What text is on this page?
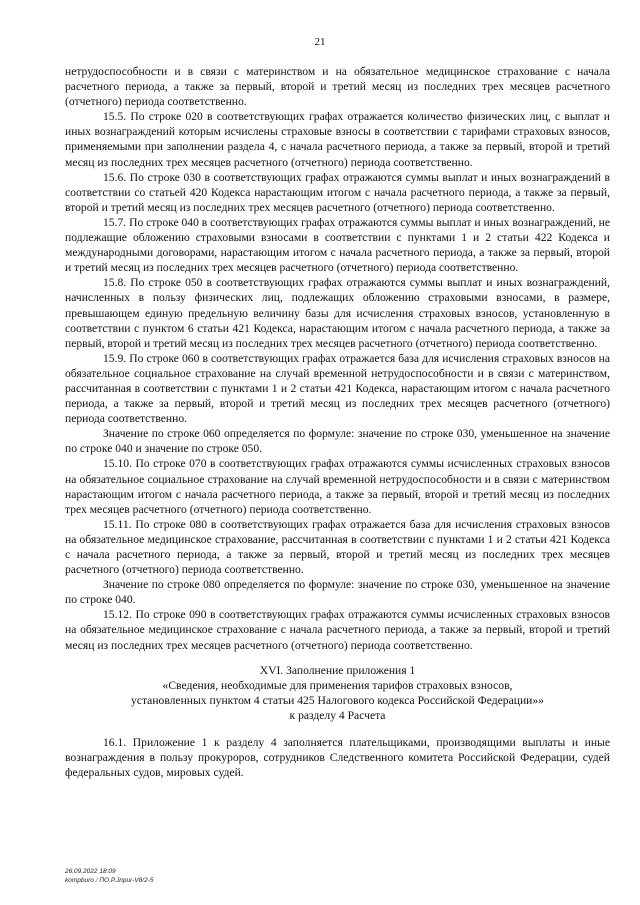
21

нетрудоспособности и в связи с материнством и на обязательное медицинское страхование с начала расчетного периода, а также за первый, второй и третий месяц из последних трех месяцев расчетного (отчетного) периода соответственно.

15.5. По строке 020 в соответствующих графах отражается количество физических лиц, с выплат и иных вознаграждений которым исчислены страховые взносы в соответствии с тарифами страховых взносов, применяемыми при заполнении раздела 4, с начала расчетного периода, а также за первый, второй и третий месяц из последних трех месяцев расчетного (отчетного) периода соответственно.

15.6. По строке 030 в соответствующих графах отражаются суммы выплат и иных вознаграждений в соответствии со статьей 420 Кодекса нарастающим итогом с начала расчетного периода, а также за первый, второй и третий месяц из последних трех месяцев расчетного (отчетного) периода соответственно.

15.7. По строке 040 в соответствующих графах отражаются суммы выплат и иных вознаграждений, не подлежащие обложению страховыми взносами в соответствии с пунктами 1 и 2 статьи 422 Кодекса и международными договорами, нарастающим итогом с начала расчетного периода, а также за первый, второй и третий месяц из последних трех месяцев расчетного (отчетного) периода соответственно.

15.8. По строке 050 в соответствующих графах отражаются суммы выплат и иных вознаграждений, начисленных в пользу физических лиц, подлежащих обложению страховыми взносами, в размере, превышающем единую предельную величину базы для исчисления страховых взносов, установленную в соответствии с пунктом 6 статьи 421 Кодекса, нарастающим итогом с начала расчетного периода, а также за первый, второй и третий месяц из последних трех месяцев расчетного (отчетного) периода соответственно.

15.9. По строке 060 в соответствующих графах отражается база для исчисления страховых взносов на обязательное социальное страхование на случай временной нетрудоспособности и в связи с материнством, рассчитанная в соответствии с пунктами 1 и 2 статьи 421 Кодекса, нарастающим итогом с начала расчетного периода, а также за первый, второй и третий месяц из последних трех месяцев расчетного (отчетного) периода соответственно.

Значение по строке 060 определяется по формуле: значение по строке 030, уменьшенное на значение по строке 040 и значение по строке 050.

15.10. По строке 070 в соответствующих графах отражаются суммы исчисленных страховых взносов на обязательное социальное страхование на случай временной нетрудоспособности и в связи с материнством нарастающим итогом с начала расчетного периода, а также за первый, второй и третий месяц из последних трех месяцев расчетного (отчетного) периода соответственно.

15.11. По строке 080 в соответствующих графах отражается база для исчисления страховых взносов на обязательное медицинское страхование, рассчитанная в соответствии с пунктами 1 и 2 статьи 421 Кодекса с начала расчетного периода, а также за первый, второй и третий месяц из последних трех месяцев расчетного (отчетного) периода соответственно.

Значение по строке 080 определяется по формуле: значение по строке 030, уменьшенное на значение по строке 040.

15.12. По строке 090 в соответствующих графах отражаются суммы исчисленных страховых взносов на обязательное медицинское страхование с начала расчетного периода, а также за первый, второй и третий месяц из последних трех месяцев расчетного (отчетного) периода соответственно.

XVI. Заполнение приложения 1
«Сведения, необходимые для применения тарифов страховых взносов,
установленных пунктом 4 статьи 425 Налогового кодекса Российской Федерации»»
к разделу 4 Расчета

16.1. Приложение 1 к разделу 4 заполняется плательщиками, производящими выплаты и иные вознаграждения в пользу прокуроров, сотрудников Следственного комитета Российской Федерации, судей федеральных судов, мировых судей.

26.09.2022 18:09
kompburo / ПО.Р.Jnpur-V8/2-5
